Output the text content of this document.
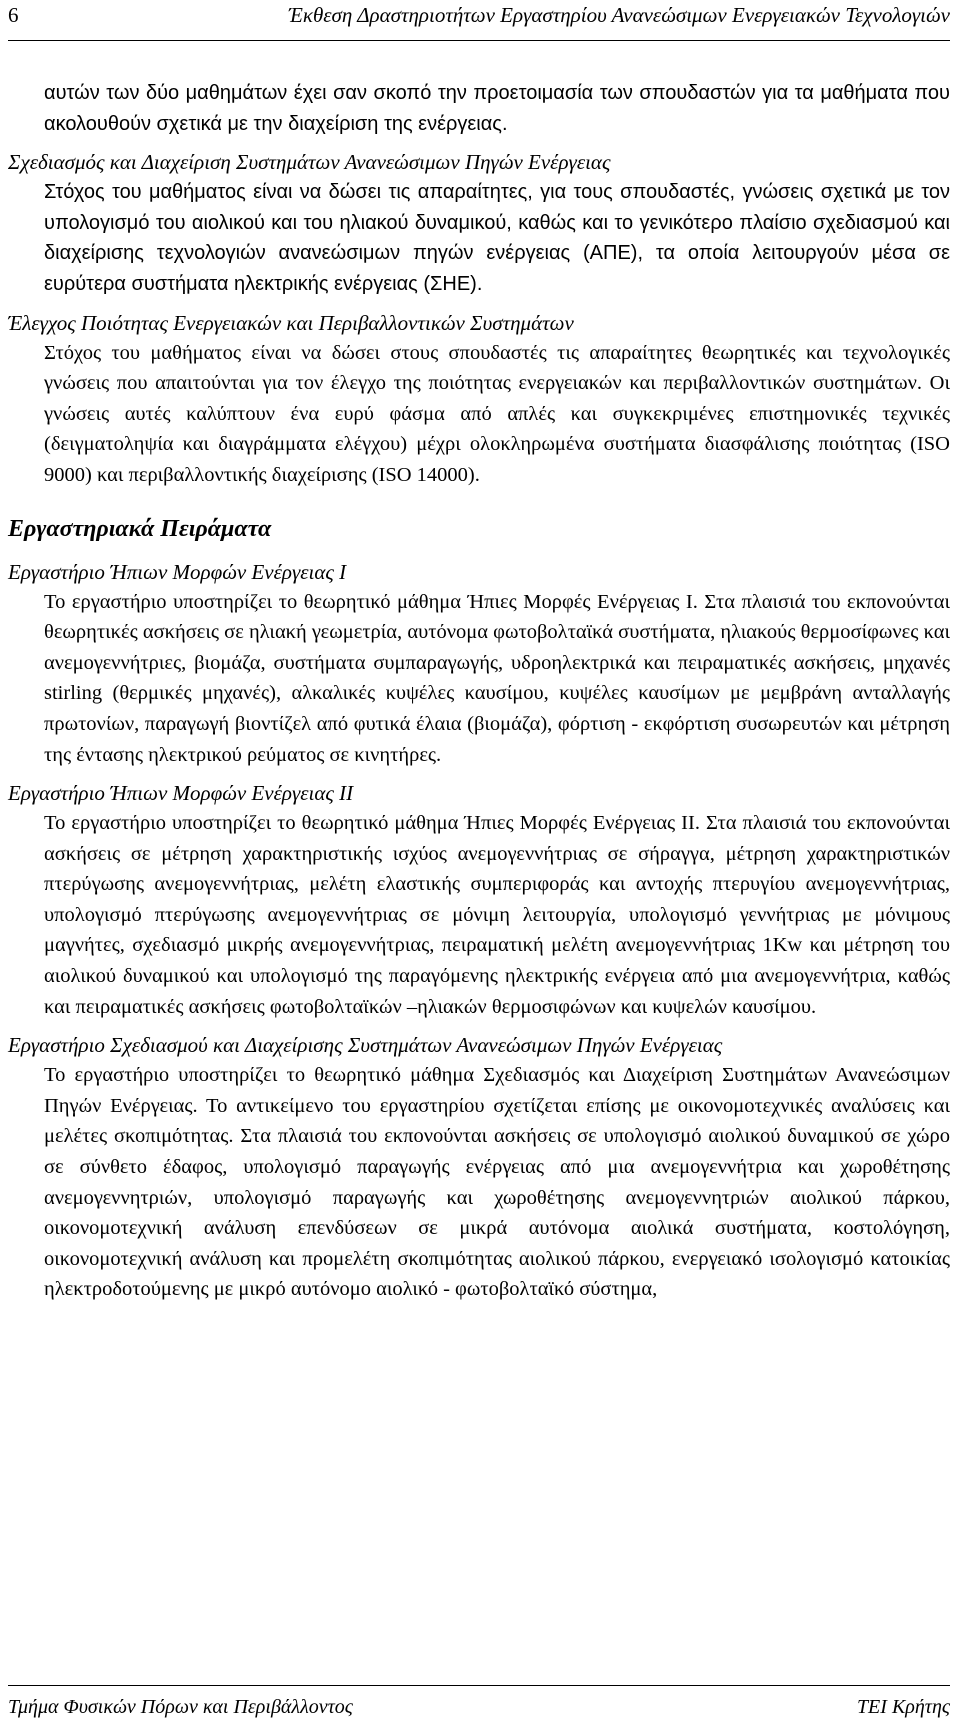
6	Έκθεση Δραστηριοτήτων Εργαστηρίου Ανανεώσιμων Ενεργειακών Τεχνολογιών

αυτών των δύο μαθημάτων έχει σαν σκοπό την προετοιμασία των σπουδαστών για τα μαθήματα που ακολουθούν σχετικά με την διαχείριση της ενέργειας.

Σχεδιασμός και Διαχείριση Συστημάτων Ανανεώσιμων Πηγών Ενέργειας

Στόχος του μαθήματος είναι να δώσει τις απαραίτητες, για τους σπουδαστές, γνώσεις σχετικά με τον υπολογισμό του αιολικού και του ηλιακού δυναμικού, καθώς και το γενικότερο πλαίσιο σχεδιασμού και διαχείρισης τεχνολογιών ανανεώσιμων πηγών ενέργειας (ΑΠΕ), τα οποία λειτουργούν μέσα σε ευρύτερα συστήματα ηλεκτρικής ενέργειας (ΣΗΕ).

Έλεγχος Ποιότητας Ενεργειακών και Περιβαλλοντικών Συστημάτων

Στόχος του μαθήματος είναι να δώσει στους σπουδαστές τις απαραίτητες θεωρητικές και τεχνολογικές γνώσεις που απαιτούνται για τον έλεγχο της ποιότητας ενεργειακών και περιβαλλοντικών συστημάτων. Οι γνώσεις αυτές καλύπτουν ένα ευρύ φάσμα από απλές και συγκεκριμένες επιστημονικές τεχνικές (δειγματοληψία και διαγράμματα ελέγχου) μέχρι ολοκληρωμένα συστήματα διασφάλισης ποιότητας (ISO 9000) και περιβαλλοντικής διαχείρισης (ISO 14000).

Εργαστηριακά Πειράματα
Εργαστήριο Ήπιων Μορφών Ενέργειας Ι

Το εργαστήριο υποστηρίζει το θεωρητικό μάθημα Ήπιες Μορφές Ενέργειας Ι. Στα πλαισιά του εκπονούνται θεωρητικές ασκήσεις σε ηλιακή γεωμετρία, αυτόνομα φωτοβολταϊκά συστήματα, ηλιακούς θερμοσίφωνες και ανεμογεννήτριες, βιομάζα, συστήματα συμπαραγωγής, υδροηλεκτρικά και πειραματικές ασκήσεις, μηχανές stirling (θερμικές μηχανές), αλκαλικές κυψέλες καυσίμου, κυψέλες καυσίμων με μεμβράνη ανταλλαγής πρωτονίων, παραγωγή βιοντίζελ από φυτικά έλαια (βιομάζα), φόρτιση - εκφόρτιση συσωρευτών και μέτρηση της έντασης ηλεκτρικού ρεύματος σε κινητήρες.

Εργαστήριο Ήπιων Μορφών Ενέργειας ΙΙ

Το εργαστήριο υποστηρίζει το θεωρητικό μάθημα Ήπιες Μορφές Ενέργειας ΙΙ. Στα πλαισιά του εκπονούνται ασκήσεις σε μέτρηση χαρακτηριστικής ισχύος ανεμογεννήτριας σε σήραγγα, μέτρηση χαρακτηριστικών πτερύγωσης ανεμογεννήτριας, μελέτη ελαστικής συμπεριφοράς και αντοχής πτερυγίου ανεμογεννήτριας, υπολογισμό πτερύγωσης ανεμογεννήτριας σε μόνιμη λειτουργία, υπολογισμό γεννήτριας με μόνιμους μαγνήτες, σχεδιασμό μικρής ανεμογεννήτριας, πειραματική μελέτη ανεμογεννήτριας 1Kw και μέτρηση του αιολικού δυναμικού και υπολογισμό της παραγόμενης ηλεκτρικής ενέργεια από μια ανεμογεννήτρια, καθώς και πειραματικές ασκήσεις φωτοβολταϊκών –ηλιακών θερμοσιφώνων και κυψελών καυσίμου.

Εργαστήριο Σχεδιασμού και Διαχείρισης Συστημάτων Ανανεώσιμων Πηγών Ενέργειας

Το εργαστήριο υποστηρίζει το θεωρητικό μάθημα Σχεδιασμός και Διαχείριση Συστημάτων Ανανεώσιμων Πηγών Ενέργειας. Το αντικείμενο του εργαστηρίου σχετίζεται επίσης με οικονομοτεχνικές αναλύσεις και μελέτες σκοπιμότητας. Στα πλαισιά του εκπονούνται ασκήσεις σε υπολογισμό αιολικού δυναμικού σε χώρο σε σύνθετο έδαφος, υπολογισμό παραγωγής ενέργειας από μια ανεμογεννήτρια και χωροθέτησης ανεμογεννητριών, υπολογισμό παραγωγής και χωροθέτησης ανεμογεννητριών αιολικού πάρκου, οικονομοτεχνική ανάλυση επενδύσεων σε μικρά αυτόνομα αιολικά συστήματα, κοστολόγηση, οικονομοτεχνική ανάλυση και προμελέτη σκοπιμότητας αιολικού πάρκου, ενεργειακό ισολογισμό κατοικίας ηλεκτροδοτούμενης με μικρό αυτόνομο αιολικό - φωτοβολταϊκό σύστημα,

Τμήμα Φυσικών Πόρων και Περιβάλλοντος	ΤΕΙ Κρήτης
